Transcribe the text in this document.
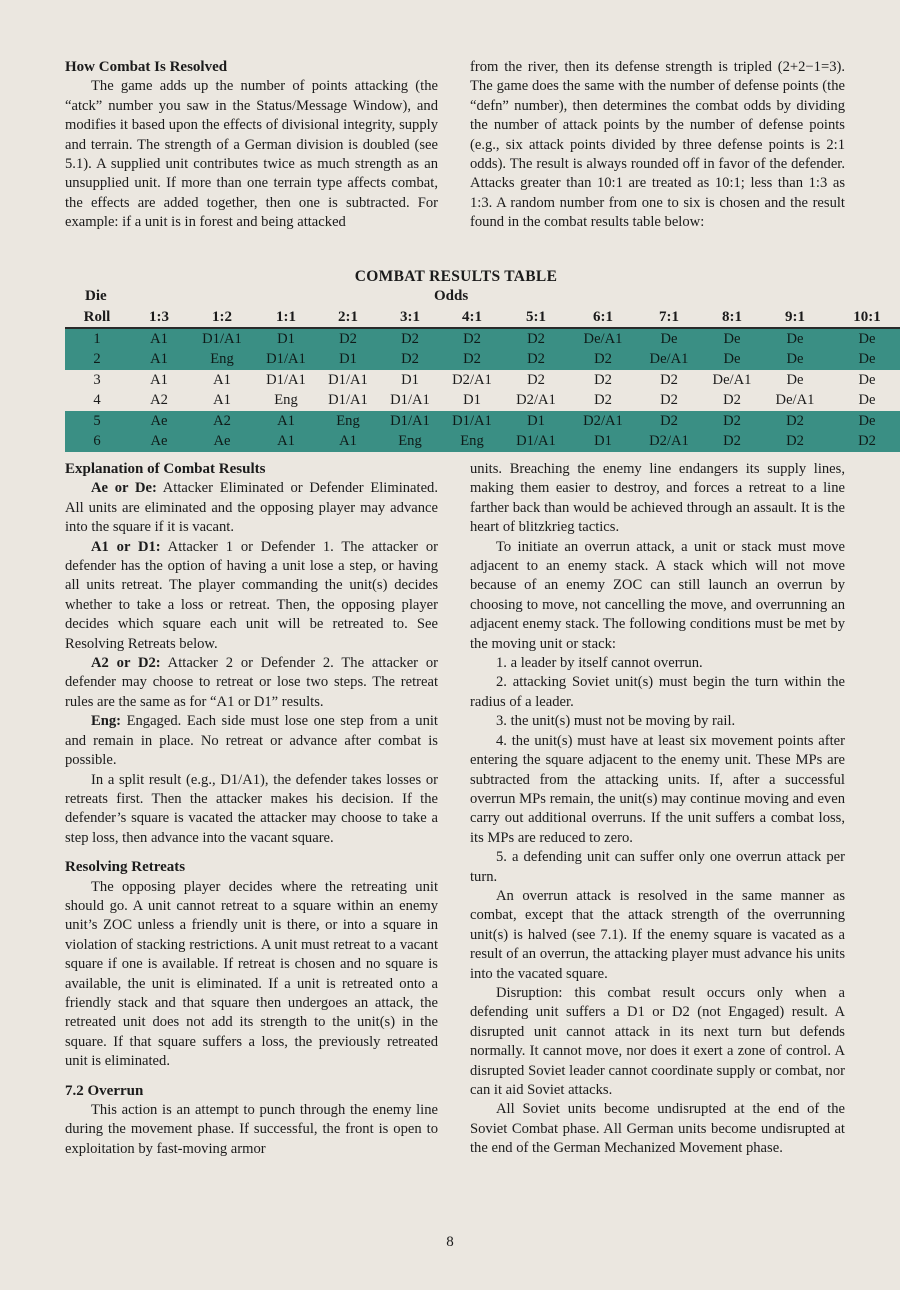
How Combat Is Resolved

The game adds up the number of points attacking (the “atck” number you saw in the Status/Message Window), and modifies it based upon the effects of divisional integrity, supply and terrain. The strength of a German division is doubled (see 5.1). A supplied unit contributes twice as much strength as an unsupplied unit. If more than one terrain type affects combat, the effects are added together, then one is subtracted. For example: if a unit is in forest and being attacked

from the river, then its defense strength is tripled (2+2−1=3). The game does the same with the number of defense points (the “defn” number), then determines the combat odds by dividing the number of attack points by the number of defense points (e.g., six attack points divided by three defense points is 2:1 odds). The result is always rounded off in favor of the defender. Attacks greater than 10:1 are treated as 10:1; less than 1:3 as 1:3. A random number from one to six is chosen and the result found in the combat results table below:

COMBAT RESULTS TABLE
Die	Odds
Roll	1:3	1:2	1:1	2:1	3:1	4:1	5:1	6:1	7:1	8:1	9:1	10:1
1	A1	D1/A1	D1	D2	D2	D2	D2	De/A1	De	De	De	De
2	A1	Eng	D1/A1	D1	D2	D2	D2	D2	De/A1	De	De	De
3	A1	A1	D1/A1	D1/A1	D1	D2/A1	D2	D2	D2	De/A1	De	De
4	A2	A1	Eng	D1/A1	D1/A1	D1	D2/A1	D2	D2	D2	De/A1	De
5	Ae	A2	A1	Eng	D1/A1	D1/A1	D1	D2/A1	D2	D2	D2	De
6	Ae	Ae	A1	A1	Eng	Eng	D1/A1	D1	D2/A1	D2	D2	D2
Explanation of Combat Results

Ae or De: Attacker Eliminated or Defender Eliminated. All units are eliminated and the opposing player may advance into the square if it is vacant.

A1 or D1: Attacker 1 or Defender 1. The attacker or defender has the option of having a unit lose a step, or having all units retreat. The player commanding the unit(s) decides whether to take a loss or retreat. Then, the opposing player decides which square each unit will be retreated to. See Resolving Retreats below.

A2 or D2: Attacker 2 or Defender 2. The attacker or defender may choose to retreat or lose two steps. The retreat rules are the same as for “A1 or D1” results.

Eng: Engaged. Each side must lose one step from a unit and remain in place. No retreat or advance after combat is possible.

In a split result (e.g., D1/A1), the defender takes losses or retreats first. Then the attacker makes his decision. If the defender’s square is vacated the attacker may choose to take a step loss, then advance into the vacant square.

Resolving Retreats

The opposing player decides where the retreating unit should go. A unit cannot retreat to a square within an enemy unit’s ZOC unless a friendly unit is there, or into a square in violation of stacking restrictions. A unit must retreat to a vacant square if one is available. If retreat is chosen and no square is available, the unit is eliminated. If a unit is retreated onto a friendly stack and that square then undergoes an attack, the retreated unit does not add its strength to the unit(s) in the square. If that square suffers a loss, the previously retreated unit is eliminated.

7.2 Overrun

This action is an attempt to punch through the enemy line during the movement phase. If successful, the front is open to exploitation by fast-moving armor

units. Breaching the enemy line endangers its supply lines, making them easier to destroy, and forces a retreat to a line farther back than would be achieved through an assault. It is the heart of blitzkrieg tactics.

To initiate an overrun attack, a unit or stack must move adjacent to an enemy stack. A stack which will not move because of an enemy ZOC can still launch an overrun by choosing to move, not cancelling the move, and overrunning an adjacent enemy stack. The following conditions must be met by the moving unit or stack:

1. a leader by itself cannot overrun.

2. attacking Soviet unit(s) must begin the turn within the radius of a leader.

3. the unit(s) must not be moving by rail.

4. the unit(s) must have at least six movement points after entering the square adjacent to the enemy unit. These MPs are subtracted from the attacking units. If, after a successful overrun MPs remain, the unit(s) may continue moving and even carry out additional overruns. If the unit suffers a combat loss, its MPs are reduced to zero.

5. a defending unit can suffer only one overrun attack per turn.

An overrun attack is resolved in the same manner as combat, except that the attack strength of the overrunning unit(s) is halved (see 7.1). If the enemy square is vacated as a result of an overrun, the attacking player must advance his units into the vacated square.

Disruption: this combat result occurs only when a defending unit suffers a D1 or D2 (not Engaged) result. A disrupted unit cannot attack in its next turn but defends normally. It cannot move, nor does it exert a zone of control. A disrupted Soviet leader cannot coordinate supply or combat, nor can it aid Soviet attacks.

All Soviet units become undisrupted at the end of the Soviet Combat phase. All German units become undisrupted at the end of the German Mechanized Movement phase.

8
